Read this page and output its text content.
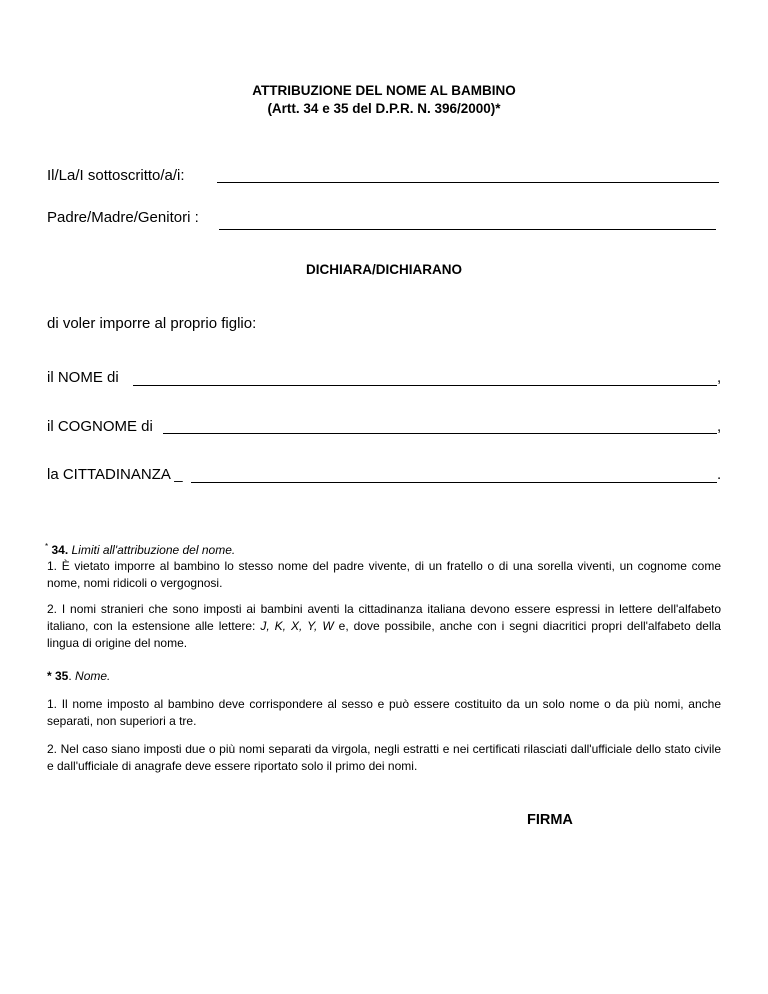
ATTRIBUZIONE DEL NOME AL BAMBINO
(Artt. 34 e 35 del D.P.R. N. 396/2000)*
Il/La/I sottoscritto/a/i:
Padre/Madre/Genitori :
DICHIARA/DICHIARANO
di voler imporre al proprio figlio:
il NOME di	,
il COGNOME di	,
la CITTADINANZA _	.
* 34. Limiti all'attribuzione del nome.

1. È vietato imporre al bambino lo stesso nome del padre vivente, di un fratello o di una sorella viventi, un cognome come nome, nomi ridicoli o vergognosi.

2. I nomi stranieri che sono imposti ai bambini aventi la cittadinanza italiana devono essere espressi in lettere dell'alfabeto italiano, con la estensione alle lettere: J, K, X, Y, W e, dove possibile, anche con i segni diacritici propri dell'alfabeto della lingua di origine del nome.

* 35. Nome.

1. Il nome imposto al bambino deve corrispondere al sesso e può essere costituito da un solo nome o da più nomi, anche separati, non superiori a tre.

2. Nel caso siano imposti due o più nomi separati da virgola, negli estratti e nei certificati rilasciati dall'ufficiale dello stato civile e dall'ufficiale di anagrafe deve essere riportato solo il primo dei nomi.

FIRMA
